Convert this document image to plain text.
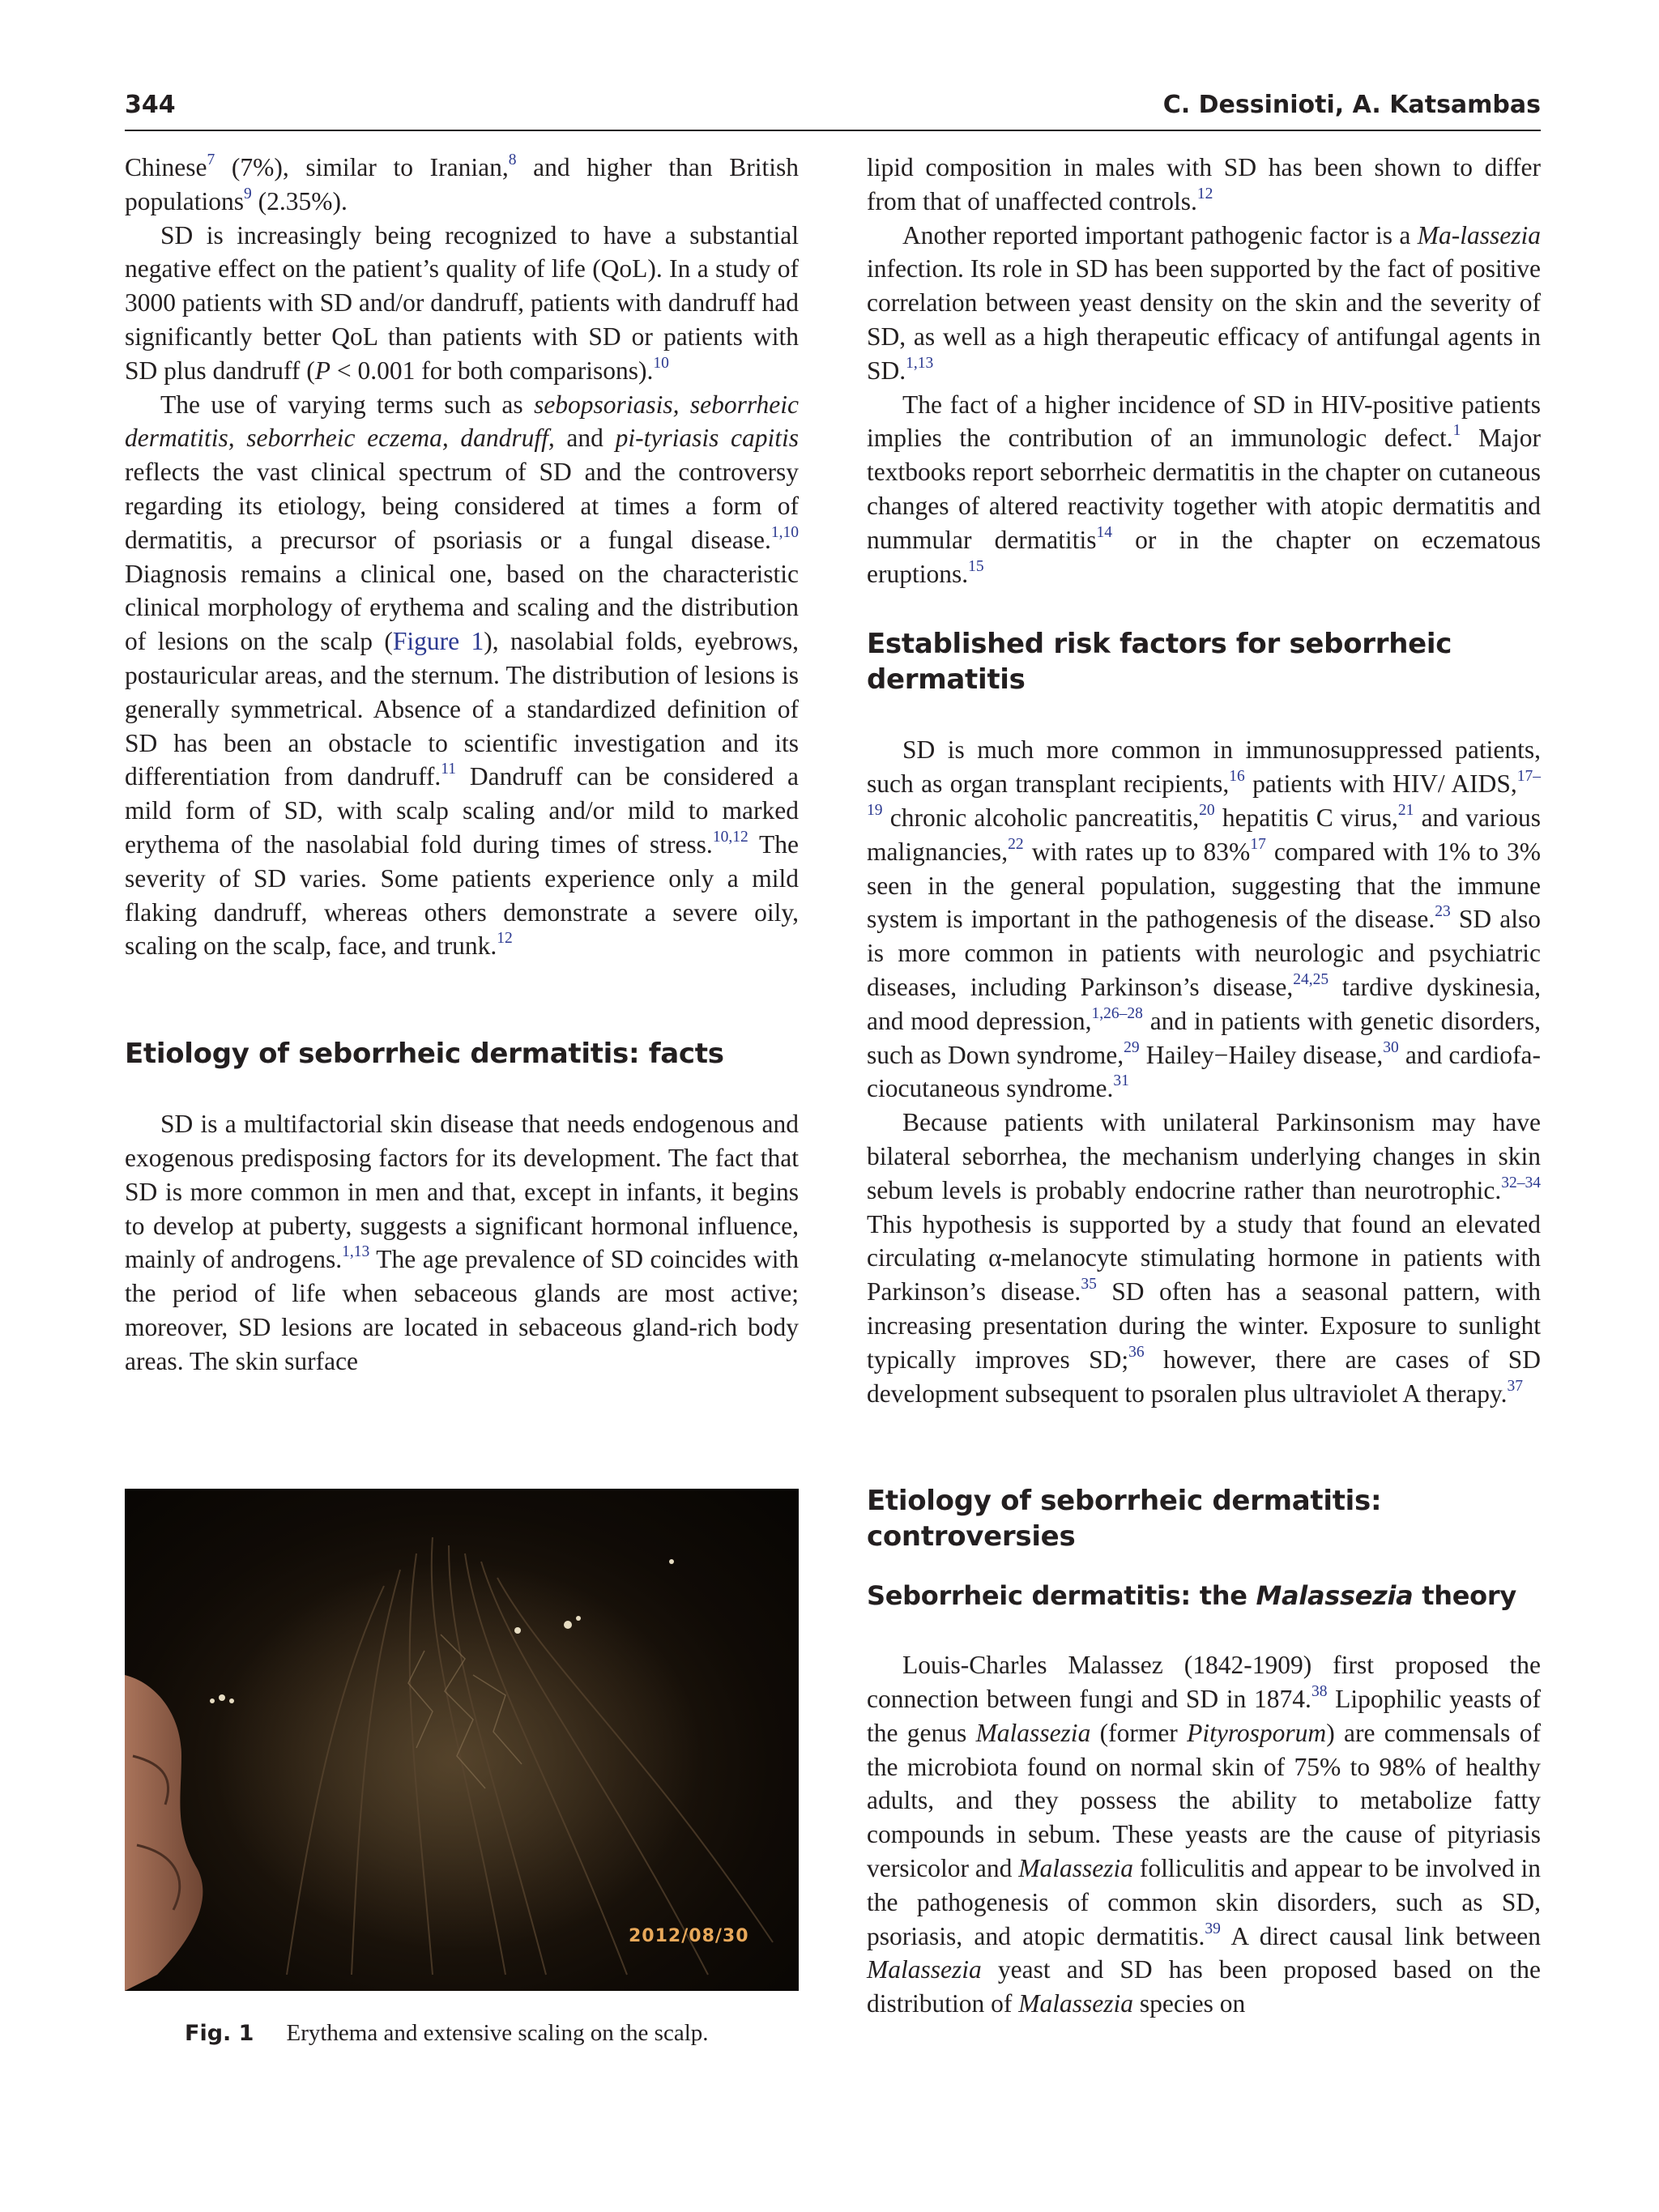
344	C. Dessinioti, A. Katsambas

Chinese$^7$ (7%), similar to Iranian,$^8$ and higher than British populations$^9$ (2.35%).

SD is increasingly being recognized to have a substantial negative effect on the patient’s quality of life (QoL). In a study of 3000 patients with SD and/or dandruff, patients with dandruff had significantly better QoL than patients with SD or patients with SD plus dandruff (P < 0.001 for both comparisons).$^{10}$

The use of varying terms such as sebopsoriasis, seborrheic dermatitis, seborrheic eczema, dandruff, and pi-tyriasis capitis reflects the vast clinical spectrum of SD and the controversy regarding its etiology, being considered at times a form of dermatitis, a precursor of psoriasis or a fungal disease.$^{1,10}$ Diagnosis remains a clinical one, based on the characteristic clinical morphology of erythema and scaling and the distribution of lesions on the scalp (Figure 1), nasolabial folds, eyebrows, postauricular areas, and the sternum. The distribution of lesions is generally symmetrical. Absence of a standardized definition of SD has been an obstacle to scientific investigation and its differentiation from dandruff.$^{11}$ Dandruff can be considered a mild form of SD, with scalp scaling and/or mild to marked erythema of the nasolabial fold during times of stress.$^{10,12}$ The severity of SD varies. Some patients experience only a mild flaking dandruff, whereas others demonstrate a severe oily, scaling on the scalp, face, and trunk.$^{12}$

Etiology of seborrheic dermatitis: facts

SD is a multifactorial skin disease that needs endogenous and exogenous predisposing factors for its development. The fact that SD is more common in men and that, except in infants, it begins to develop at puberty, suggests a significant hormonal influence, mainly of androgens.$^{1,13}$ The age prevalence of SD coincides with the period of life when sebaceous glands are most active; moreover, SD lesions are located in sebaceous gland-rich body areas. The skin surface

2012/08/30
Fig. 1 Erythema and extensive scaling on the scalp.

lipid composition in males with SD has been shown to differ from that of unaffected controls.$^{12}$

Another reported important pathogenic factor is a Ma-lassezia infection. Its role in SD has been supported by the fact of positive correlation between yeast density on the skin and the severity of SD, as well as a high therapeutic efficacy of antifungal agents in SD.$^{1,13}$

The fact of a higher incidence of SD in HIV-positive patients implies the contribution of an immunologic defect.$^1$ Major textbooks report seborrheic dermatitis in the chapter on cutaneous changes of altered reactivity together with atopic dermatitis and nummular dermatitis$^{14}$ or in the chapter on eczematous eruptions.$^{15}$

Established risk factors for seborrheic dermatitis

SD is much more common in immunosuppressed patients, such as organ transplant recipients,$^{16}$ patients with HIV/ AIDS,$^{17-19}$ chronic alcoholic pancreatitis,$^{20}$ hepatitis C virus,$^{21}$ and various malignancies,$^{22}$ with rates up to 83%$^{17}$ compared with 1% to 3% seen in the general population, suggesting that the immune system is important in the pathogenesis of the disease.$^{23}$ SD also is more common in patients with neurologic and psychiatric diseases, including Parkinson’s disease,$^{24,25}$ tardive dyskinesia, and mood depression,$^{1,26-28}$ and in patients with genetic disorders, such as Down syndrome,$^{29}$ Hailey−Hailey disease,$^{30}$ and cardiofa-ciocutaneous syndrome.$^{31}$

Because patients with unilateral Parkinsonism may have bilateral seborrhea, the mechanism underlying changes in skin sebum levels is probably endocrine rather than neurotrophic.$^{32-34}$ This hypothesis is supported by a study that found an elevated circulating α-melanocyte stimulating hormone in patients with Parkinson’s disease.$^{35}$ SD often has a seasonal pattern, with increasing presentation during the winter. Exposure to sunlight typically improves SD;$^{36}$ however, there are cases of SD development subsequent to psoralen plus ultraviolet A therapy.$^{37}$

Etiology of seborrheic dermatitis: controversies
Seborrheic dermatitis: the Malassezia theory

Louis-Charles Malassez (1842-1909) first proposed the connection between fungi and SD in 1874.38 Lipophilic yeasts of the genus Malassezia (former Pityrosporum) are commensals of the microbiota found on normal skin of 75% to 98% of healthy adults, and they possess the ability to metabolize fatty compounds in sebum. These yeasts are the cause of pityriasis versicolor and Malassezia folliculitis and appear to be involved in the pathogenesis of common skin disorders, such as SD, psoriasis, and atopic dermatitis.$^{39}$ A direct causal link between Malassezia yeast and SD has been proposed based on the distribution of Malassezia species on
